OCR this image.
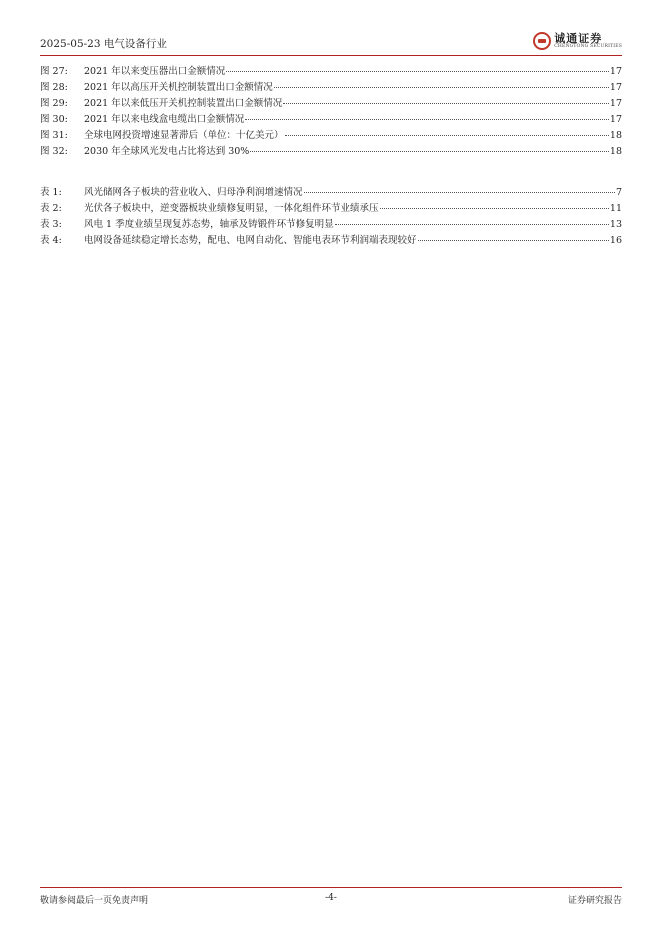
2025-05-23 电气设备行业	诚通证券
CHENGTONG SECURITIES
图 27:	2021 年以来变压器出口金额情况	17
图 28:	2021 年以高压开关机控制装置出口金额情况	17
图 29:	2021 年以来低压开关机控制装置出口金额情况	17
图 30:	2021 年以来电线盒电缆出口金额情况	17
图 31:	全球电网投资增速显著滞后（单位：十亿美元）	18
图 32:	2030 年全球风光发电占比将达到 30%	18
表 1:	风光储网各子板块的营业收入、归母净利润增速情况	7
表 2:	光伏各子板块中，逆变器板块业绩修复明显，一体化组件环节业绩承压	11
表 3:	风电 1 季度业绩呈现复苏态势，轴承及铸锻件环节修复明显	13
表 4:	电网设备延续稳定增长态势，配电、电网自动化、智能电表环节利润端表现较好	16
敬请参阅最后一页免责声明	-4-	证券研究报告
